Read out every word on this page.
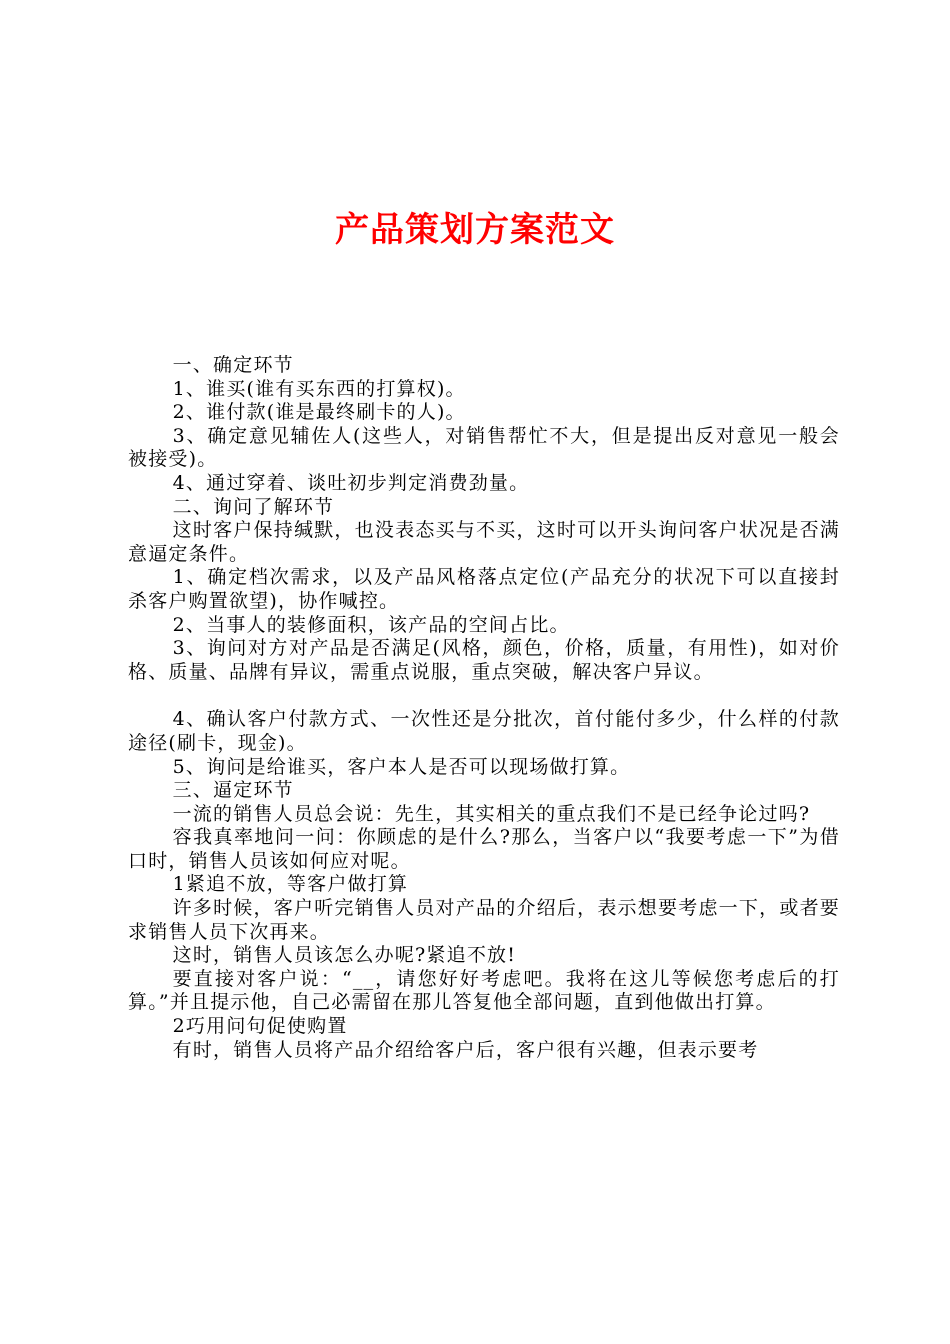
产品策划方案范文

一、确定环节

1、谁买(谁有买东西的打算权)。

2、谁付款(谁是最终刷卡的人)。

3、确定意见辅佐人(这些人，对销售帮忙不大，但是提出反对意见一般会被接受)。

4、通过穿着、谈吐初步判定消费劲量。

二、询问了解环节

这时客户保持缄默，也没表态买与不买，这时可以开头询问客户状况是否满意逼定条件。

1、确定档次需求，以及产品风格落点定位(产品充分的状况下可以直接封杀客户购置欲望)，协作喊控。

2、当事人的装修面积，该产品的空间占比。

3、询问对方对产品是否满足(风格，颜色，价格，质量，有用性)，如对价格、质量、品牌有异议，需重点说服，重点突破，解决客户异议。

4、确认客户付款方式、一次性还是分批次，首付能付多少，什么样的付款途径(刷卡，现金)。

5、询问是给谁买，客户本人是否可以现场做打算。

三、逼定环节

一流的销售人员总会说：先生，其实相关的重点我们不是已经争论过吗?

容我真率地问一问：你顾虑的是什么?那么，当客户以“我要考虑一下”为借口时，销售人员该如何应对呢。

1紧追不放，等客户做打算

许多时候，客户听完销售人员对产品的介绍后，表示想要考虑一下，或者要求销售人员下次再来。

这时，销售人员该怎么办呢?紧追不放!

要直接对客户说：“__，请您好好考虑吧。我将在这儿等候您考虑后的打算。”并且提示他，自己必需留在那儿答复他全部问题，直到他做出打算。

2巧用问句促使购置

有时，销售人员将产品介绍给客户后，客户很有兴趣，但表示要考
